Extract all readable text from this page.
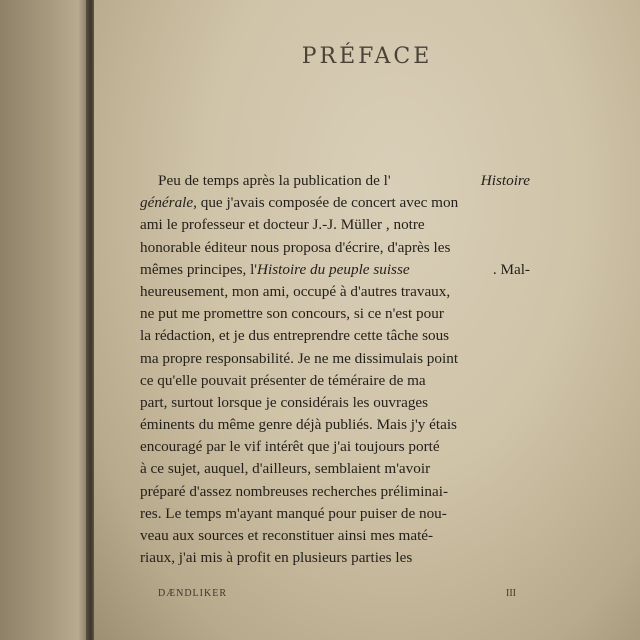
PRÉFACE
Peu de temps après la publication de l'	Histoire
générale, que j'avais composée de concert avec mon
ami le professeur et docteur J.-J. Müller , notre
honorable éditeur nous proposa d'écrire, d'après les
mêmes principes, l'Histoire du peuple suisse	. Mal-
heureusement, mon ami, occupé à d'autres travaux,
ne put me promettre son concours, si ce n'est pour
la rédaction, et je dus entreprendre cette tâche sous
ma propre responsabilité. Je ne me dissimulais point
ce qu'elle pouvait présenter de téméraire de ma
part, surtout lorsque je considérais les ouvrages
éminents du même genre déjà publiés. Mais j'y étais
encouragé par le vif intérêt que j'ai toujours porté
à ce sujet, auquel, d'ailleurs, semblaient m'avoir
préparé d'assez nombreuses recherches préliminai-
res. Le temps m'ayant manqué pour puiser de nou-
veau aux sources et reconstituer ainsi mes maté-
riaux, j'ai mis à profit en plusieurs parties les
DÆNDLIKER	III
